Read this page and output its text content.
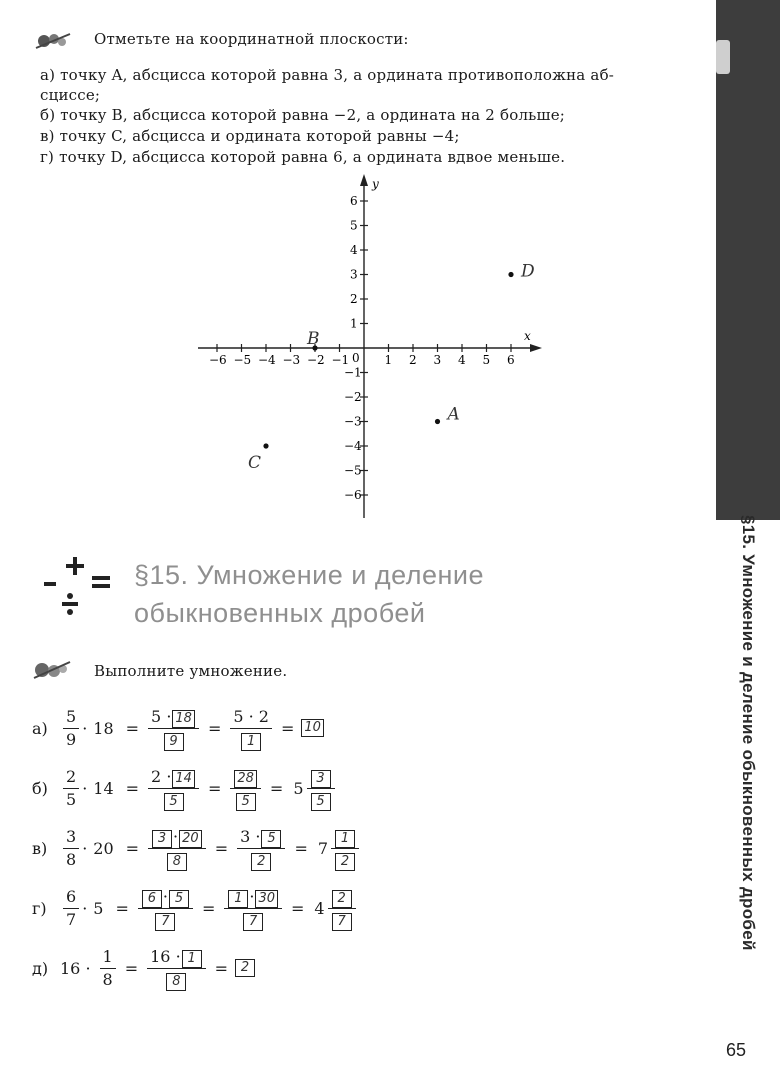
§15. Умножение и деление обыкновенных дробей
Отметьте на координатной плоскости:
а) точку A, абсцисса которой равна 3, а ордината противоположна аб-
сциссе;
б) точку B, абсцисса которой равна −2, а ордината на 2 больше;
в) точку C, абсцисса и ордината которой равны −4;
г) точку D, абсцисса которой равна 6, а ордината вдвое меньше.
x
y
0
−6 −5 −4 −3 −2 −1	1 2 3 4 5 6
6
5
4
3
2
1
−1
−2
−3
−4
−5
−6
A
B
C
D
§15. Умножение и деление
обыкновенных дробей
Выполните умножение.
$а) \frac{5}{9} \cdot 18 = \frac{5 \cdot 18}{9} = \frac{5 \cdot 2}{1} = 10$
$б) \frac{2}{5} \cdot 14 = \frac{2 \cdot 14}{5} = \frac{28}{5} = 5 \frac{3}{5}$
$в) \frac{3}{8} \cdot 20 = \frac{3 \cdot 20}{8} = \frac{3 \cdot 5}{2} = 7 \frac{1}{2}$
г)	$\frac{6}{7} \cdot 5 = \frac{6 \cdot 5}{7} = \frac{1 \cdot 30}{7} = 4 \frac{2}{7}$
д) $16 \cdot \frac{1}{8} = \frac{16 \cdot 1}{8} = 2$
65
